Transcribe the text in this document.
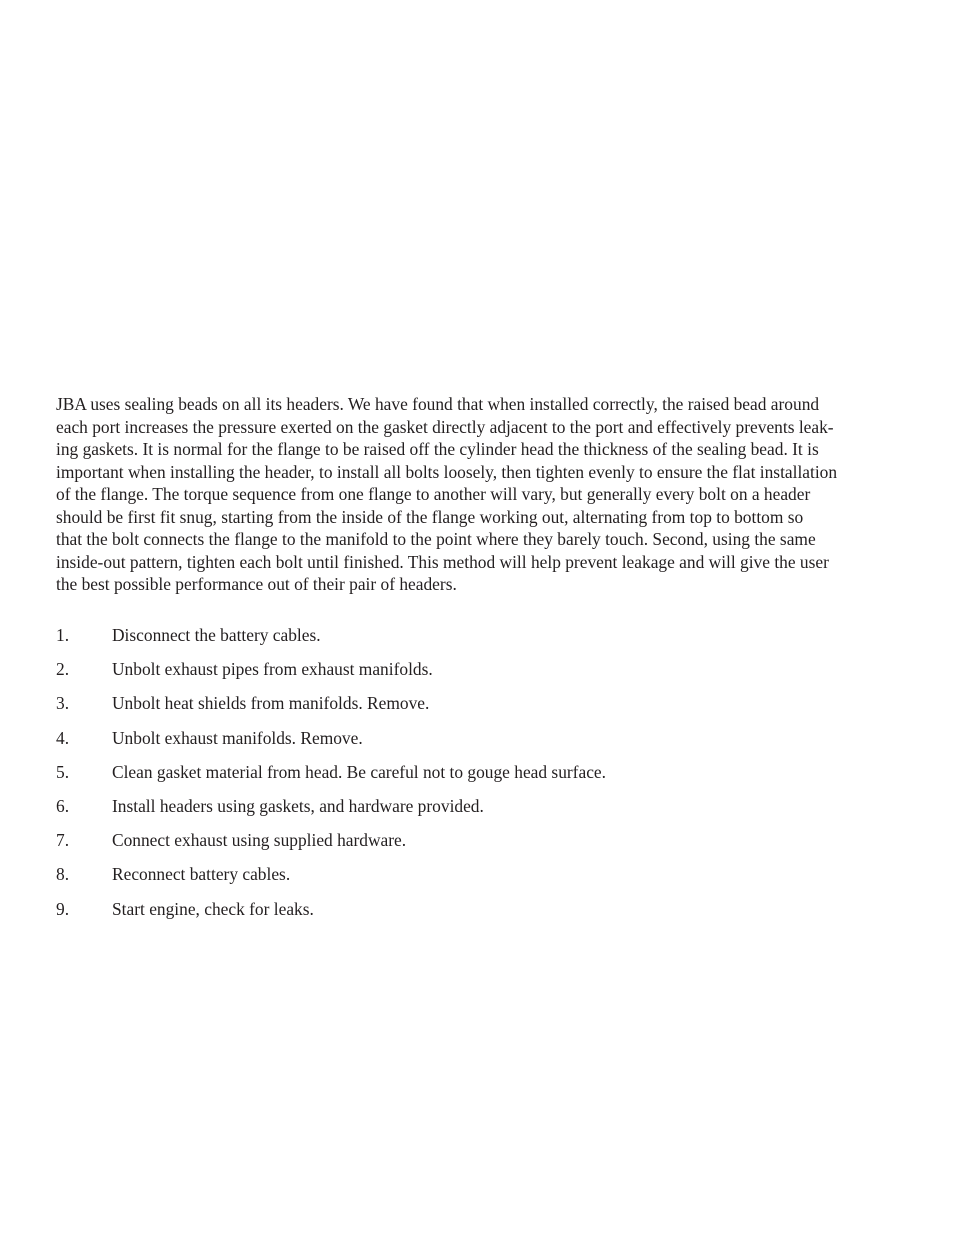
JBA uses sealing beads on all its headers. We have found that when installed correctly, the raised bead around
each port increases the pressure exerted on the gasket directly adjacent to the port and effectively prevents leak-
ing gaskets. It is normal for the flange to be raised off the cylinder head the thickness of the sealing bead. It is
important when installing the header, to install all bolts loosely, then tighten evenly to ensure the flat installation
of the flange. The torque sequence from one flange to another will vary, but generally every bolt on a header
should be first fit snug, starting from the inside of the flange working out, alternating from top to bottom so
that the bolt connects the flange to the manifold to the point where they barely touch. Second, using the same
inside-out pattern, tighten each bolt until finished. This method will help prevent leakage and will give the user
the best possible performance out of their pair of headers.

1. Disconnect the battery cables.
2. Unbolt exhaust pipes from exhaust manifolds.
3. Unbolt heat shields from manifolds. Remove.
4. Unbolt exhaust manifolds. Remove.
5. Clean gasket material from head. Be careful not to gouge head surface.
6. Install headers using gaskets, and hardware provided.
7. Connect exhaust using supplied hardware.
8. Reconnect battery cables.
9. Start engine, check for leaks.
